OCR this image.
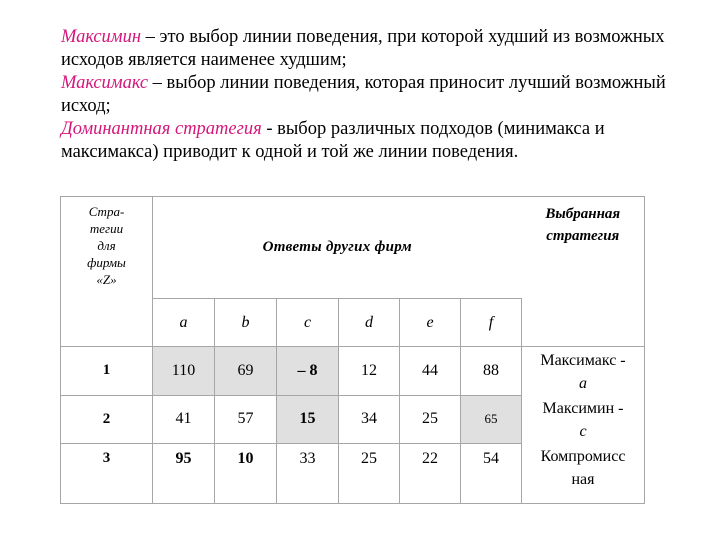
Максимин – это выбор линии поведения, при которой худший из возможных исходов является наименее худшим;

Максимакс – выбор линии поведения, которая приносит лучший возможный исход;

Доминантная стратегия - выбор различных подходов (минимакса и максимакса) приводит к одной и той же линии поведения.

Стра-
тегии
для
фирмы
«Z»	Ответы других фирм						Выбранная
стратегия
	a	b	c	d	e	f	
1	110	69	– 8	12	44	88	Максимакс -
а

2	41	57	15	34	25	65	Максимин -
с

3	95	10	33	25	22	54	Компромисс
ная
